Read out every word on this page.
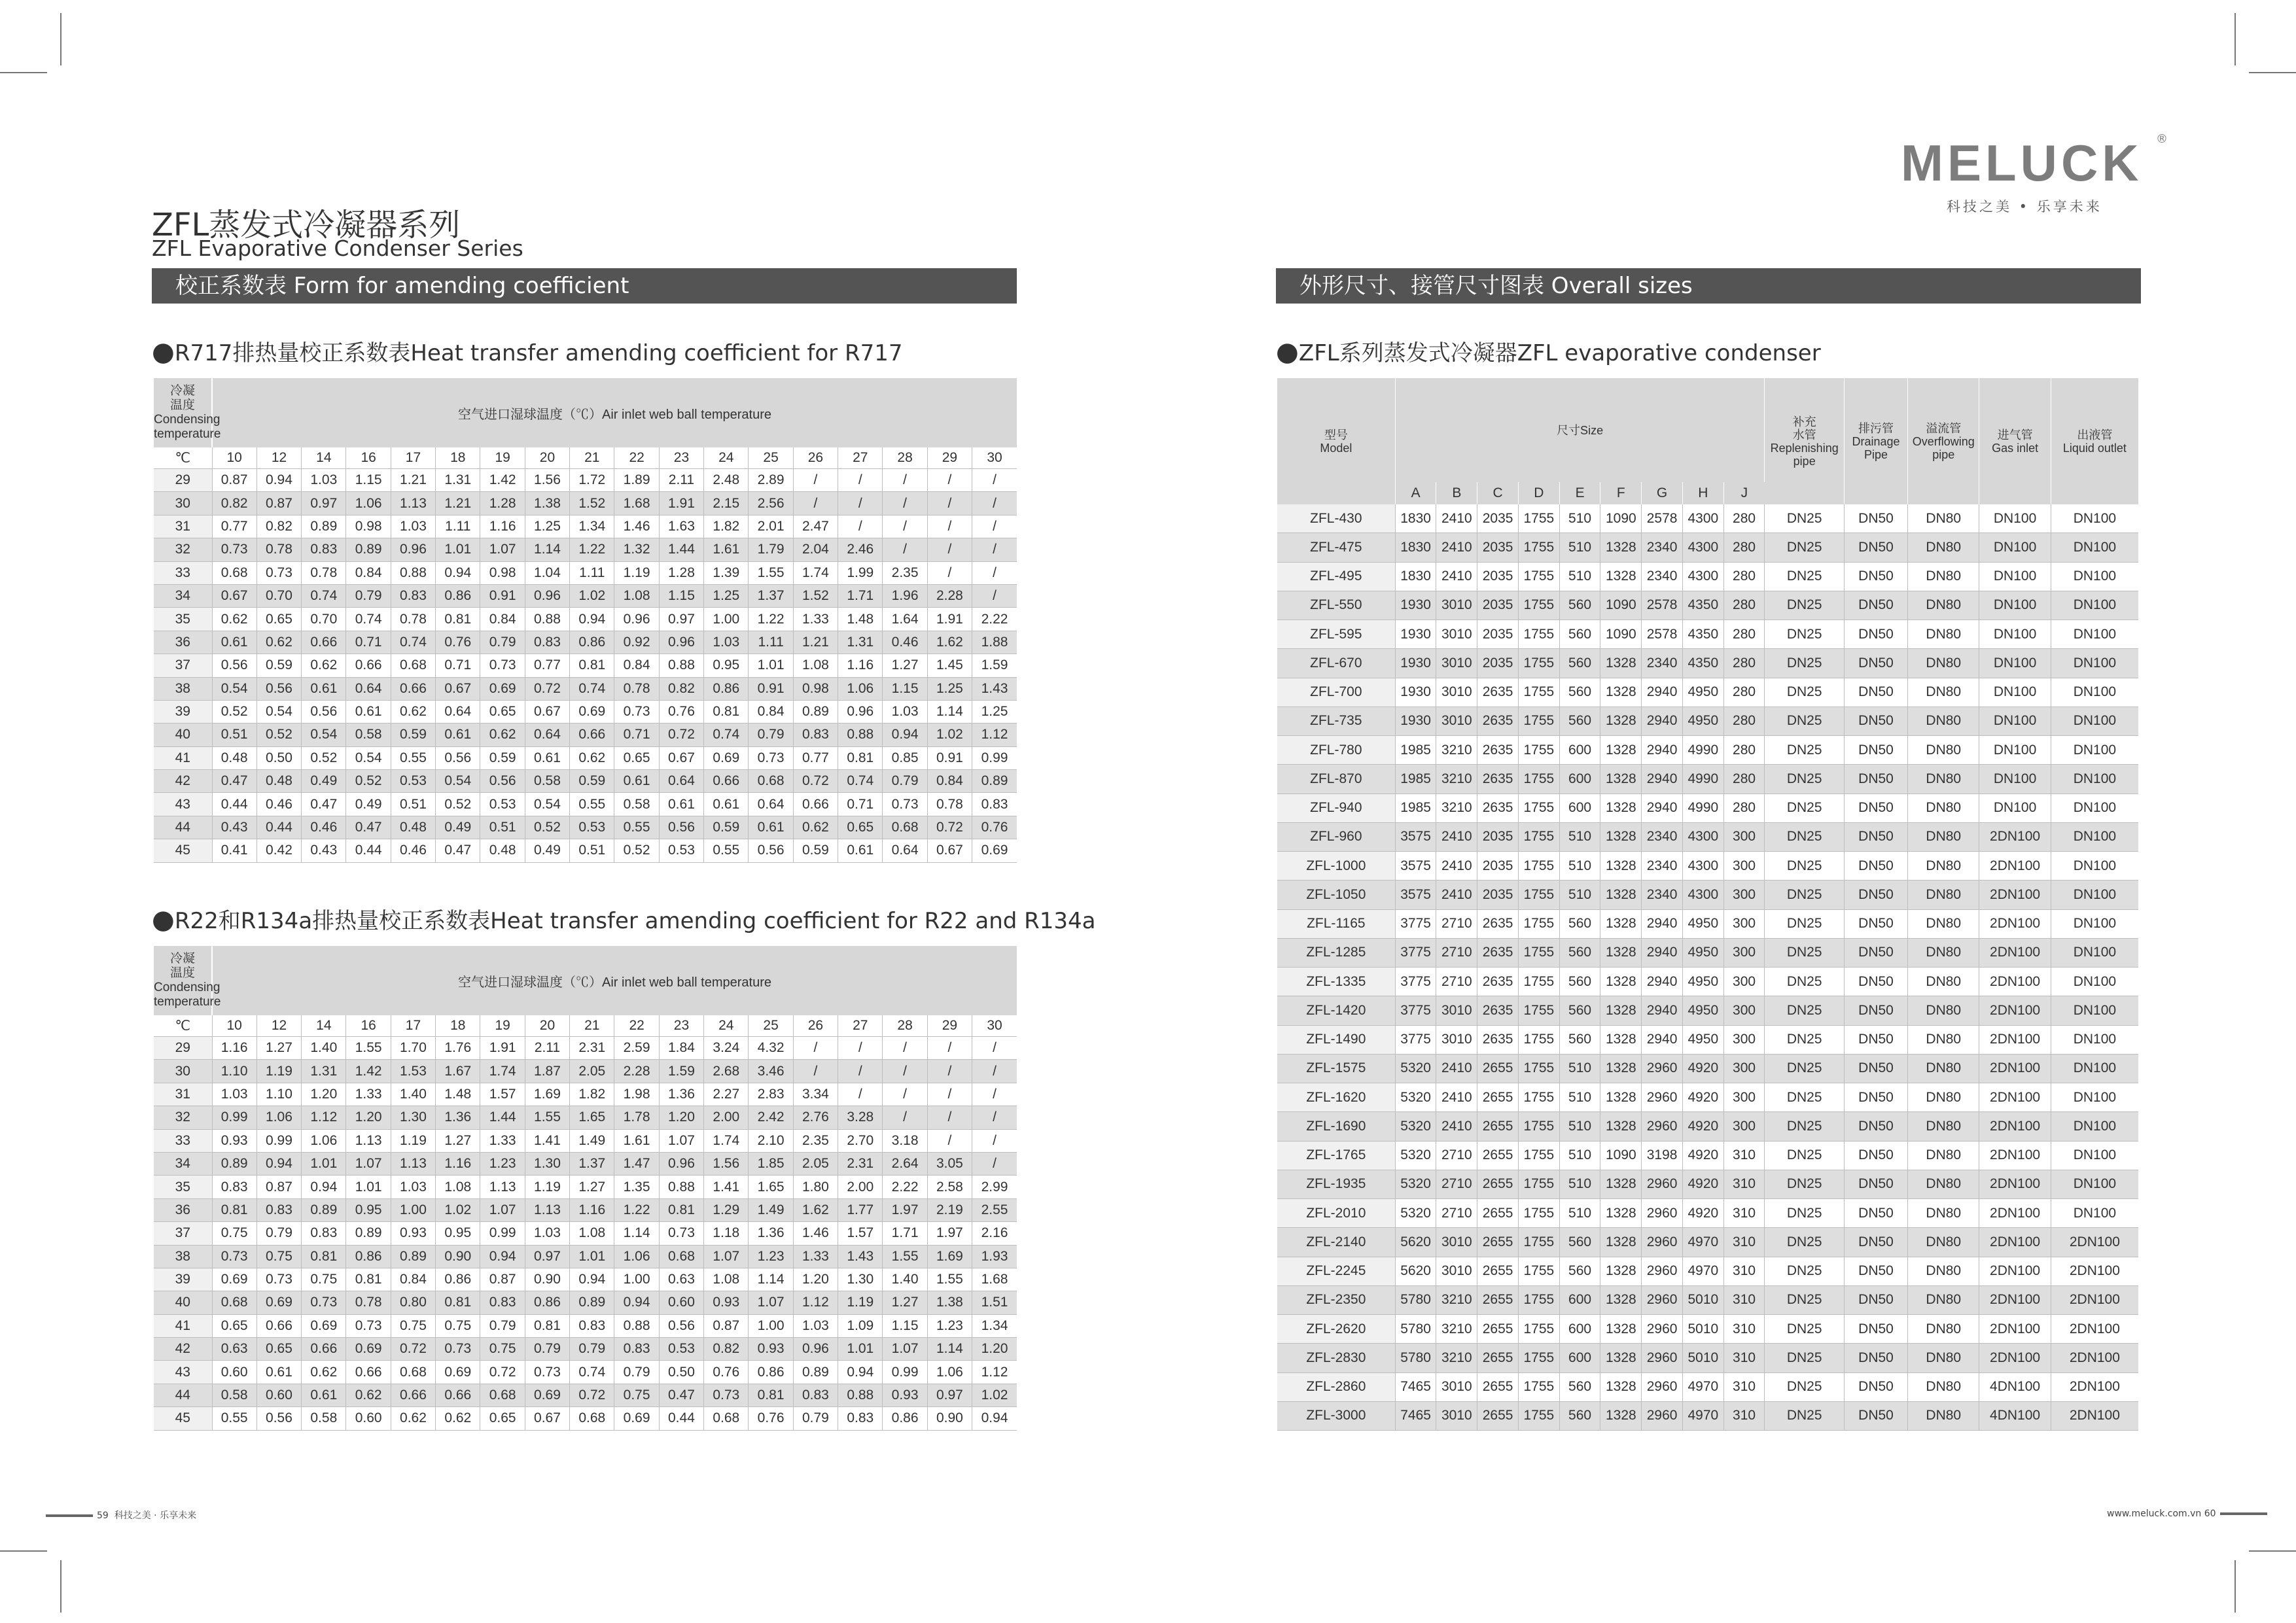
MELUCK	®
科技之美 • 乐享未来
ZFL蒸发式冷凝器系列
ZFL Evaporative Condenser Series
校正系数表 Form for amending coefficient	外形尺寸、接管尺寸图表 Overall sizes
●R717排热量校正系数表Heat transfer amending coefficient for R717
冷凝
温度
Condensing
temperature	空气进口湿球温度（℃）Air inlet web ball temperature																	
℃	10	12	14	16	17	18	19	20	21	22	23	24	25	26	27	28	29	30
29	0.87	0.94	1.03	1.15	1.21	1.31	1.42	1.56	1.72	1.89	2.11	2.48	2.89	/	/	/	/	/
30	0.82	0.87	0.97	1.06	1.13	1.21	1.28	1.38	1.52	1.68	1.91	2.15	2.56	/	/	/	/	/
31	0.77	0.82	0.89	0.98	1.03	1.11	1.16	1.25	1.34	1.46	1.63	1.82	2.01	2.47	/	/	/	/
32	0.73	0.78	0.83	0.89	0.96	1.01	1.07	1.14	1.22	1.32	1.44	1.61	1.79	2.04	2.46	/	/	/
33	0.68	0.73	0.78	0.84	0.88	0.94	0.98	1.04	1.11	1.19	1.28	1.39	1.55	1.74	1.99	2.35	/	/
34	0.67	0.70	0.74	0.79	0.83	0.86	0.91	0.96	1.02	1.08	1.15	1.25	1.37	1.52	1.71	1.96	2.28	/
35	0.62	0.65	0.70	0.74	0.78	0.81	0.84	0.88	0.94	0.96	0.97	1.00	1.22	1.33	1.48	1.64	1.91	2.22
36	0.61	0.62	0.66	0.71	0.74	0.76	0.79	0.83	0.86	0.92	0.96	1.03	1.11	1.21	1.31	0.46	1.62	1.88
37	0.56	0.59	0.62	0.66	0.68	0.71	0.73	0.77	0.81	0.84	0.88	0.95	1.01	1.08	1.16	1.27	1.45	1.59
38	0.54	0.56	0.61	0.64	0.66	0.67	0.69	0.72	0.74	0.78	0.82	0.86	0.91	0.98	1.06	1.15	1.25	1.43
39	0.52	0.54	0.56	0.61	0.62	0.64	0.65	0.67	0.69	0.73	0.76	0.81	0.84	0.89	0.96	1.03	1.14	1.25
40	0.51	0.52	0.54	0.58	0.59	0.61	0.62	0.64	0.66	0.71	0.72	0.74	0.79	0.83	0.88	0.94	1.02	1.12
41	0.48	0.50	0.52	0.54	0.55	0.56	0.59	0.61	0.62	0.65	0.67	0.69	0.73	0.77	0.81	0.85	0.91	0.99
42	0.47	0.48	0.49	0.52	0.53	0.54	0.56	0.58	0.59	0.61	0.64	0.66	0.68	0.72	0.74	0.79	0.84	0.89
43	0.44	0.46	0.47	0.49	0.51	0.52	0.53	0.54	0.55	0.58	0.61	0.61	0.64	0.66	0.71	0.73	0.78	0.83
44	0.43	0.44	0.46	0.47	0.48	0.49	0.51	0.52	0.53	0.55	0.56	0.59	0.61	0.62	0.65	0.68	0.72	0.76
45	0.41	0.42	0.43	0.44	0.46	0.47	0.48	0.49	0.51	0.52	0.53	0.55	0.56	0.59	0.61	0.64	0.67	0.69
●R22和R134a排热量校正系数表Heat transfer amending coefficient for R22 and R134a
冷凝
温度
Condensing
temperature	空气进口湿球温度（℃）Air inlet web ball temperature																	
℃	10	12	14	16	17	18	19	20	21	22	23	24	25	26	27	28	29	30
29	1.16	1.27	1.40	1.55	1.70	1.76	1.91	2.11	2.31	2.59	1.84	3.24	4.32	/	/	/	/	/
30	1.10	1.19	1.31	1.42	1.53	1.67	1.74	1.87	2.05	2.28	1.59	2.68	3.46	/	/	/	/	/
31	1.03	1.10	1.20	1.33	1.40	1.48	1.57	1.69	1.82	1.98	1.36	2.27	2.83	3.34	/	/	/	/
32	0.99	1.06	1.12	1.20	1.30	1.36	1.44	1.55	1.65	1.78	1.20	2.00	2.42	2.76	3.28	/	/	/
33	0.93	0.99	1.06	1.13	1.19	1.27	1.33	1.41	1.49	1.61	1.07	1.74	2.10	2.35	2.70	3.18	/	/
34	0.89	0.94	1.01	1.07	1.13	1.16	1.23	1.30	1.37	1.47	0.96	1.56	1.85	2.05	2.31	2.64	3.05	/
35	0.83	0.87	0.94	1.01	1.03	1.08	1.13	1.19	1.27	1.35	0.88	1.41	1.65	1.80	2.00	2.22	2.58	2.99
36	0.81	0.83	0.89	0.95	1.00	1.02	1.07	1.13	1.16	1.22	0.81	1.29	1.49	1.62	1.77	1.97	2.19	2.55
37	0.75	0.79	0.83	0.89	0.93	0.95	0.99	1.03	1.08	1.14	0.73	1.18	1.36	1.46	1.57	1.71	1.97	2.16
38	0.73	0.75	0.81	0.86	0.89	0.90	0.94	0.97	1.01	1.06	0.68	1.07	1.23	1.33	1.43	1.55	1.69	1.93
39	0.69	0.73	0.75	0.81	0.84	0.86	0.87	0.90	0.94	1.00	0.63	1.08	1.14	1.20	1.30	1.40	1.55	1.68
40	0.68	0.69	0.73	0.78	0.80	0.81	0.83	0.86	0.89	0.94	0.60	0.93	1.07	1.12	1.19	1.27	1.38	1.51
41	0.65	0.66	0.69	0.73	0.75	0.75	0.79	0.81	0.83	0.88	0.56	0.87	1.00	1.03	1.09	1.15	1.23	1.34
42	0.63	0.65	0.66	0.69	0.72	0.73	0.75	0.79	0.79	0.83	0.53	0.82	0.93	0.96	1.01	1.07	1.14	1.20
43	0.60	0.61	0.62	0.66	0.68	0.69	0.72	0.73	0.74	0.79	0.50	0.76	0.86	0.89	0.94	0.99	1.06	1.12
44	0.58	0.60	0.61	0.62	0.66	0.66	0.68	0.69	0.72	0.75	0.47	0.73	0.81	0.83	0.88	0.93	0.97	1.02
45	0.55	0.56	0.58	0.60	0.62	0.62	0.65	0.67	0.68	0.69	0.44	0.68	0.76	0.79	0.83	0.86	0.90	0.94
●ZFL系列蒸发式冷凝器ZFL evaporative condenser
型号
Model	尺寸Size									补充
水管
Replenishing
pipe	排污管
Drainage
Pipe	溢流管
Overflowing
pipe	进气管
Gas inlet	出液管
Liquid outlet

	A	B	C	D	E	F	G	H	J					
ZFL-430	1830	2410	2035	1755	510	1090	2578	4300	280	DN25	DN50	DN80	DN100	DN100
ZFL-475	1830	2410	2035	1755	510	1328	2340	4300	280	DN25	DN50	DN80	DN100	DN100
ZFL-495	1830	2410	2035	1755	510	1328	2340	4300	280	DN25	DN50	DN80	DN100	DN100
ZFL-550	1930	3010	2035	1755	560	1090	2578	4350	280	DN25	DN50	DN80	DN100	DN100
ZFL-595	1930	3010	2035	1755	560	1090	2578	4350	280	DN25	DN50	DN80	DN100	DN100
ZFL-670	1930	3010	2035	1755	560	1328	2340	4350	280	DN25	DN50	DN80	DN100	DN100
ZFL-700	1930	3010	2635	1755	560	1328	2940	4950	280	DN25	DN50	DN80	DN100	DN100
ZFL-735	1930	3010	2635	1755	560	1328	2940	4950	280	DN25	DN50	DN80	DN100	DN100
ZFL-780	1985	3210	2635	1755	600	1328	2940	4990	280	DN25	DN50	DN80	DN100	DN100
ZFL-870	1985	3210	2635	1755	600	1328	2940	4990	280	DN25	DN50	DN80	DN100	DN100
ZFL-940	1985	3210	2635	1755	600	1328	2940	4990	280	DN25	DN50	DN80	DN100	DN100
ZFL-960	3575	2410	2035	1755	510	1328	2340	4300	300	DN25	DN50	DN80	2DN100	DN100
ZFL-1000	3575	2410	2035	1755	510	1328	2340	4300	300	DN25	DN50	DN80	2DN100	DN100
ZFL-1050	3575	2410	2035	1755	510	1328	2340	4300	300	DN25	DN50	DN80	2DN100	DN100
ZFL-1165	3775	2710	2635	1755	560	1328	2940	4950	300	DN25	DN50	DN80	2DN100	DN100
ZFL-1285	3775	2710	2635	1755	560	1328	2940	4950	300	DN25	DN50	DN80	2DN100	DN100
ZFL-1335	3775	2710	2635	1755	560	1328	2940	4950	300	DN25	DN50	DN80	2DN100	DN100
ZFL-1420	3775	3010	2635	1755	560	1328	2940	4950	300	DN25	DN50	DN80	2DN100	DN100
ZFL-1490	3775	3010	2635	1755	560	1328	2940	4950	300	DN25	DN50	DN80	2DN100	DN100
ZFL-1575	5320	2410	2655	1755	510	1328	2960	4920	300	DN25	DN50	DN80	2DN100	DN100
ZFL-1620	5320	2410	2655	1755	510	1328	2960	4920	300	DN25	DN50	DN80	2DN100	DN100
ZFL-1690	5320	2410	2655	1755	510	1328	2960	4920	300	DN25	DN50	DN80	2DN100	DN100
ZFL-1765	5320	2710	2655	1755	510	1090	3198	4920	310	DN25	DN50	DN80	2DN100	DN100
ZFL-1935	5320	2710	2655	1755	510	1328	2960	4920	310	DN25	DN50	DN80	2DN100	DN100
ZFL-2010	5320	2710	2655	1755	510	1328	2960	4920	310	DN25	DN50	DN80	2DN100	DN100
ZFL-2140	5620	3010	2655	1755	560	1328	2960	4970	310	DN25	DN50	DN80	2DN100	2DN100
ZFL-2245	5620	3010	2655	1755	560	1328	2960	4970	310	DN25	DN50	DN80	2DN100	2DN100
ZFL-2350	5780	3210	2655	1755	600	1328	2960	5010	310	DN25	DN50	DN80	2DN100	2DN100
ZFL-2620	5780	3210	2655	1755	600	1328	2960	5010	310	DN25	DN50	DN80	2DN100	2DN100
ZFL-2830	5780	3210	2655	1755	600	1328	2960	5010	310	DN25	DN50	DN80	2DN100	2DN100
ZFL-2860	7465	3010	2655	1755	560	1328	2960	4970	310	DN25	DN50	DN80	4DN100	2DN100
ZFL-3000	7465	3010	2655	1755	560	1328	2960	4970	310	DN25	DN50	DN80	4DN100	2DN100
59 科技之美 · 乐享未来	www.meluck.com.vn 60
